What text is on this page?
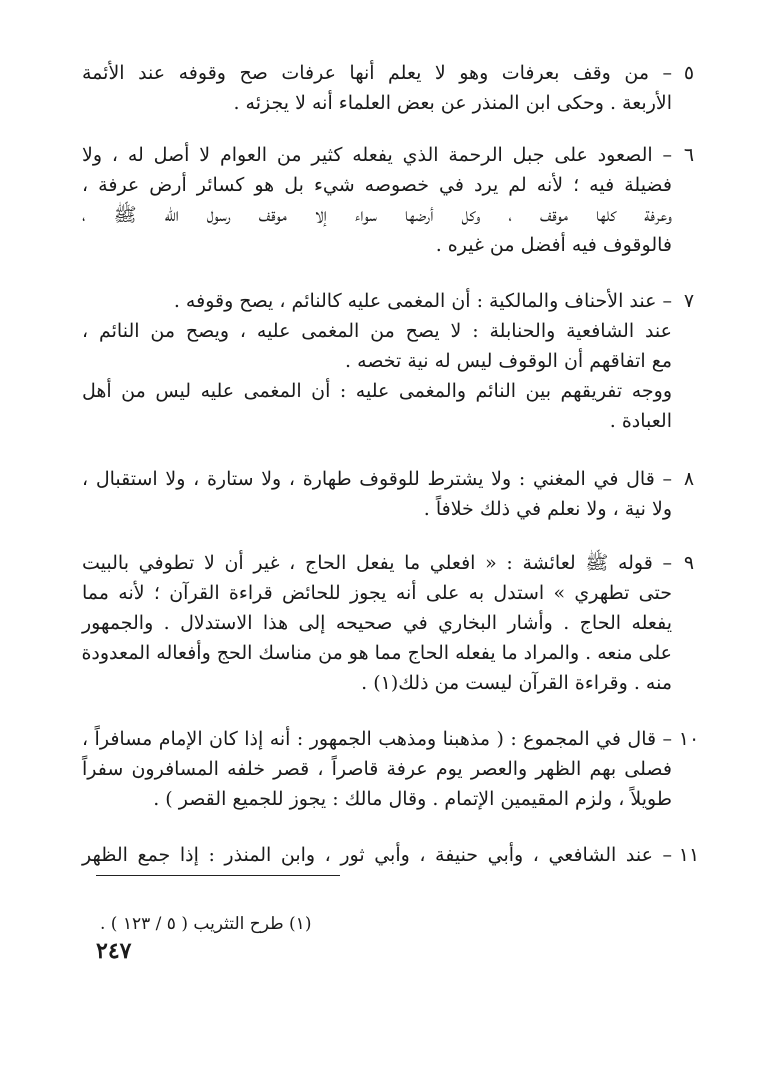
٥
– من وقف بعرفات وهو لا يعلم أنها عرفات صح وقوفه عند الأئمة
الأربعة . وحكى ابن المنذر عن بعض العلماء أنه لا يجزئه .
٦
– الصعود على جبل الرحمة الذي يفعله كثير من العوام لا أصل له ، ولا
فضيلة فيه ؛ لأنه لم يرد في خصوصه شيء بل هو كسائر أرض عرفة ،
وعرفة كلها موقف ، وكل أرضها سواء إلا موقف رسول الله ﷺ ،
فالوقوف فيه أفضل من غيره .
٧
– عند الأحناف والمالكية : أن المغمى عليه كالنائم ، يصح وقوفه .
عند الشافعية والحنابلة : لا يصح من المغمى عليه ، ويصح من النائم ،
مع اتفاقهم أن الوقوف ليس له نية تخصه .
ووجه تفريقهم بين النائم والمغمى عليه : أن المغمى عليه ليس من أهل
العبادة .
٨
– قال في المغني : ولا يشترط للوقوف طهارة ، ولا ستارة ، ولا استقبال ،
ولا نية ، ولا نعلم في ذلك خلافاً .
٩
– قوله ﷺ لعائشة : « افعلي ما يفعل الحاج ، غير أن لا تطوفي بالبيت
حتى تطهري » استدل به على أنه يجوز للحائض قراءة القرآن ؛ لأنه مما
يفعله الحاج . وأشار البخاري في صحيحه إلى هذا الاستدلال . والجمهور
على منعه . والمراد ما يفعله الحاج مما هو من مناسك الحج وأفعاله المعدودة
منه . وقراءة القرآن ليست من ذلك(١) .
١٠
– قال في المجموع : ( مذهبنا ومذهب الجمهور : أنه إذا كان الإمام مسافراً ،
فصلى بهم الظهر والعصر يوم عرفة قاصراً ، قصر خلفه المسافرون سفراً
طويلاً ، ولزم المقيمين الإتمام . وقال مالك : يجوز للجميع القصر ) .
١١
– عند الشافعي ، وأبي حنيفة ، وأبي ثور ، وابن المنذر : إذا جمع الظهر
(١) طرح التثريب ( ٥ / ١٢٣ ) .
٢٤٧
